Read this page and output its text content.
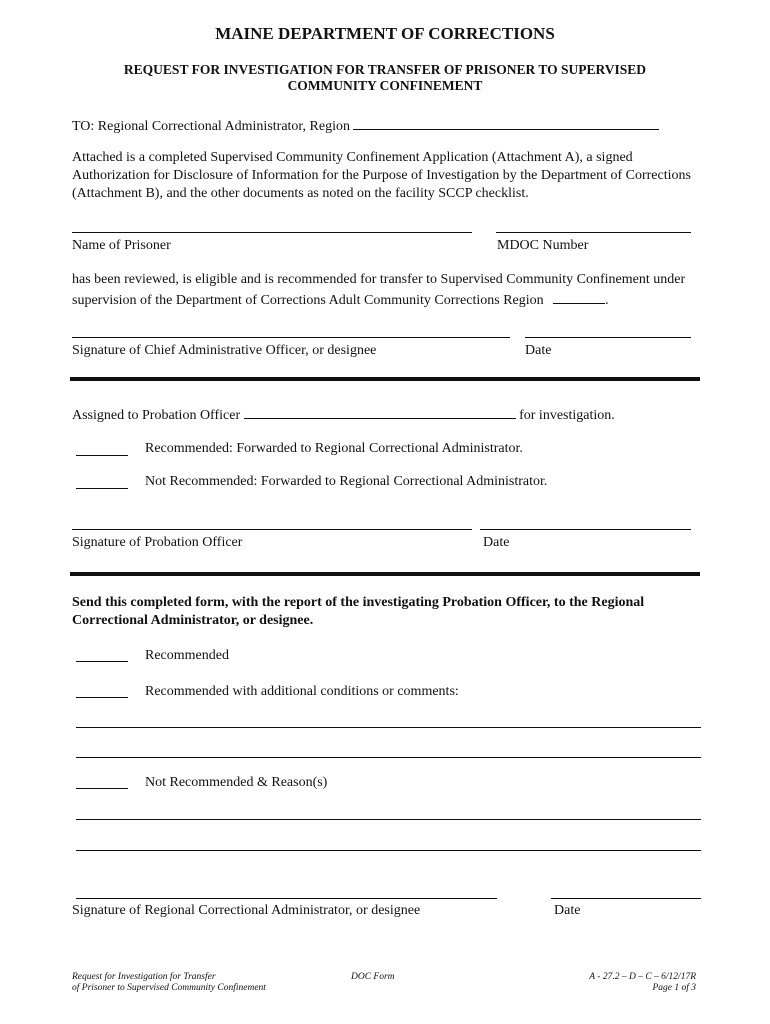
MAINE DEPARTMENT OF CORRECTIONS
REQUEST FOR INVESTIGATION FOR TRANSFER OF PRISONER TO SUPERVISED COMMUNITY CONFINEMENT
TO: Regional Correctional Administrator, Region
Attached is a completed Supervised Community Confinement Application (Attachment A), a signed Authorization for Disclosure of Information for the Purpose of Investigation by the Department of Corrections (Attachment B), and the other documents as noted on the facility SCCP checklist.
Name of Prisoner	MDOC Number
has been reviewed, is eligible and is recommended for transfer to Supervised Community Confinement under supervision of the Department of Corrections Adult Community Corrections Region	.
Signature of Chief Administrative Officer, or designee	Date
Assigned to Probation Officer	for investigation.
Recommended: Forwarded to Regional Correctional Administrator.
Not Recommended: Forwarded to Regional Correctional Administrator.
Signature of Probation Officer	Date
Send this completed form, with the report of the investigating Probation Officer, to the Regional Correctional Administrator, or designee.
Recommended
Recommended with additional conditions or comments:
Not Recommended & Reason(s)
Signature of Regional Correctional Administrator, or designee	Date
Request for Investigation for Transfer
of Prisoner to Supervised Community Confinement
DOC Form	A - 27.2 – D – C – 6/12/17R
Page 1 of 3
